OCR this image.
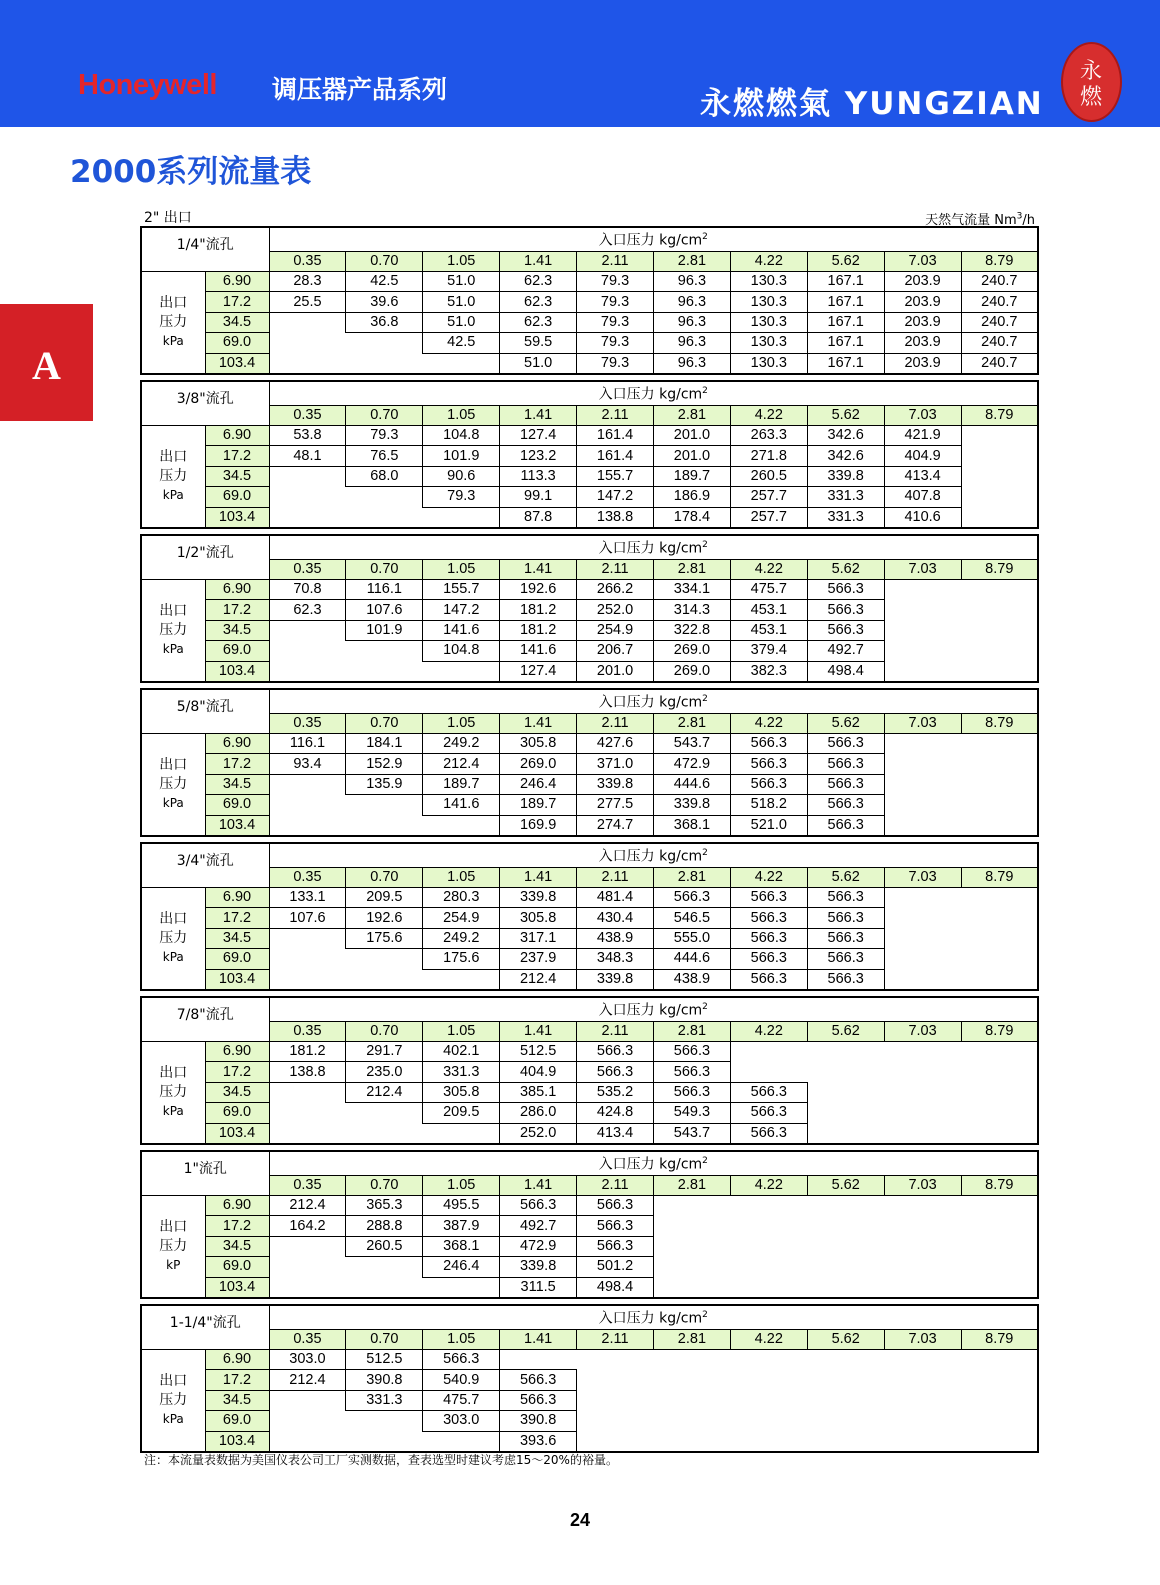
Honeywell 调压器产品系列	永燃燃氣 YUNGZIAN
永
燃
2000系列流量表
A
2" 出口	天然气流量 Nm$^3$/h
1/4"流孔		入口压力 $kg/cm^2$
		0.35	0.70	1.05	1.41	2.11	2.81	4.22	5.62	7.03	8.79

出口
压力
kPa	6.90	28.3	42.5	51.0	62.3	79.3	96.3	130.3	167.1	203.9	240.7
	17.2	25.5	39.6	51.0	62.3	79.3	96.3	130.3	167.1	203.9	240.7
	34.5		36.8	51.0	62.3	79.3	96.3	130.3	167.1	203.9	240.7
	69.0			42.5	59.5	79.3	96.3	130.3	167.1	203.9	240.7
	103.4				51.0	79.3	96.3	130.3	167.1	203.9	240.7
3/8"流孔		入口压力 $kg/cm^2$
		0.35	0.70	1.05	1.41	2.11	2.81	4.22	5.62	7.03	8.79

出口
压力
kPa	6.90	53.8	79.3	104.8	127.4	161.4	201.0	263.3	342.6	421.9	
	17.2	48.1	76.5	101.9	123.2	161.4	201.0	271.8	342.6	404.9	
	34.5		68.0	90.6	113.3	155.7	189.7	260.5	339.8	413.4	
	69.0			79.3	99.1	147.2	186.9	257.7	331.3	407.8	
	103.4				87.8	138.8	178.4	257.7	331.3	410.6	
1/2"流孔		入口压力 $kg/cm^2$
		0.35	0.70	1.05	1.41	2.11	2.81	4.22	5.62	7.03	8.79

出口
压力
kPa	6.90	70.8	116.1	155.7	192.6	266.2	334.1	475.7	566.3		
	17.2	62.3	107.6	147.2	181.2	252.0	314.3	453.1	566.3		
	34.5		101.9	141.6	181.2	254.9	322.8	453.1	566.3		
	69.0			104.8	141.6	206.7	269.0	379.4	492.7		
	103.4				127.4	201.0	269.0	382.3	498.4		
5/8"流孔		入口压力 $kg/cm^2$
		0.35	0.70	1.05	1.41	2.11	2.81	4.22	5.62	7.03	8.79

出口
压力
kPa	6.90	116.1	184.1	249.2	305.8	427.6	543.7	566.3	566.3		
	17.2	93.4	152.9	212.4	269.0	371.0	472.9	566.3	566.3		
	34.5		135.9	189.7	246.4	339.8	444.6	566.3	566.3		
	69.0			141.6	189.7	277.5	339.8	518.2	566.3		
	103.4				169.9	274.7	368.1	521.0	566.3		
3/4"流孔		入口压力 $kg/cm^2$
		0.35	0.70	1.05	1.41	2.11	2.81	4.22	5.62	7.03	8.79

出口
压力
kPa	6.90	133.1	209.5	280.3	339.8	481.4	566.3	566.3	566.3		
	17.2	107.6	192.6	254.9	305.8	430.4	546.5	566.3	566.3		
	34.5		175.6	249.2	317.1	438.9	555.0	566.3	566.3		
	69.0			175.6	237.9	348.3	444.6	566.3	566.3		
	103.4				212.4	339.8	438.9	566.3	566.3		
7/8"流孔		入口压力 $kg/cm^2$
		0.35	0.70	1.05	1.41	2.11	2.81	4.22	5.62	7.03	8.79

出口
压力
kPa	6.90	181.2	291.7	402.1	512.5	566.3	566.3				
	17.2	138.8	235.0	331.3	404.9	566.3	566.3				
	34.5		212.4	305.8	385.1	535.2	566.3	566.3			
	69.0			209.5	286.0	424.8	549.3	566.3			
	103.4				252.0	413.4	543.7	566.3			
1"流孔		入口压力 $kg/cm^2$
		0.35	0.70	1.05	1.41	2.11	2.81	4.22	5.62	7.03	8.79

出口
压力
kP	6.90	212.4	365.3	495.5	566.3	566.3					
	17.2	164.2	288.8	387.9	492.7	566.3					
	34.5		260.5	368.1	472.9	566.3					
	69.0			246.4	339.8	501.2					
	103.4				311.5	498.4					
1-1/4"流孔		入口压力 $kg/cm^2$
		0.35	0.70	1.05	1.41	2.11	2.81	4.22	5.62	7.03	8.79

出口
压力
kPa	6.90	303.0	512.5	566.3							
	17.2	212.4	390.8	540.9	566.3						
	34.5		331.3	475.7	566.3						
	69.0			303.0	390.8						
	103.4				393.6						
注：本流量表数据为美国仪表公司工厂实测数据，查表选型时建议考虑15～20%的裕量。
24
